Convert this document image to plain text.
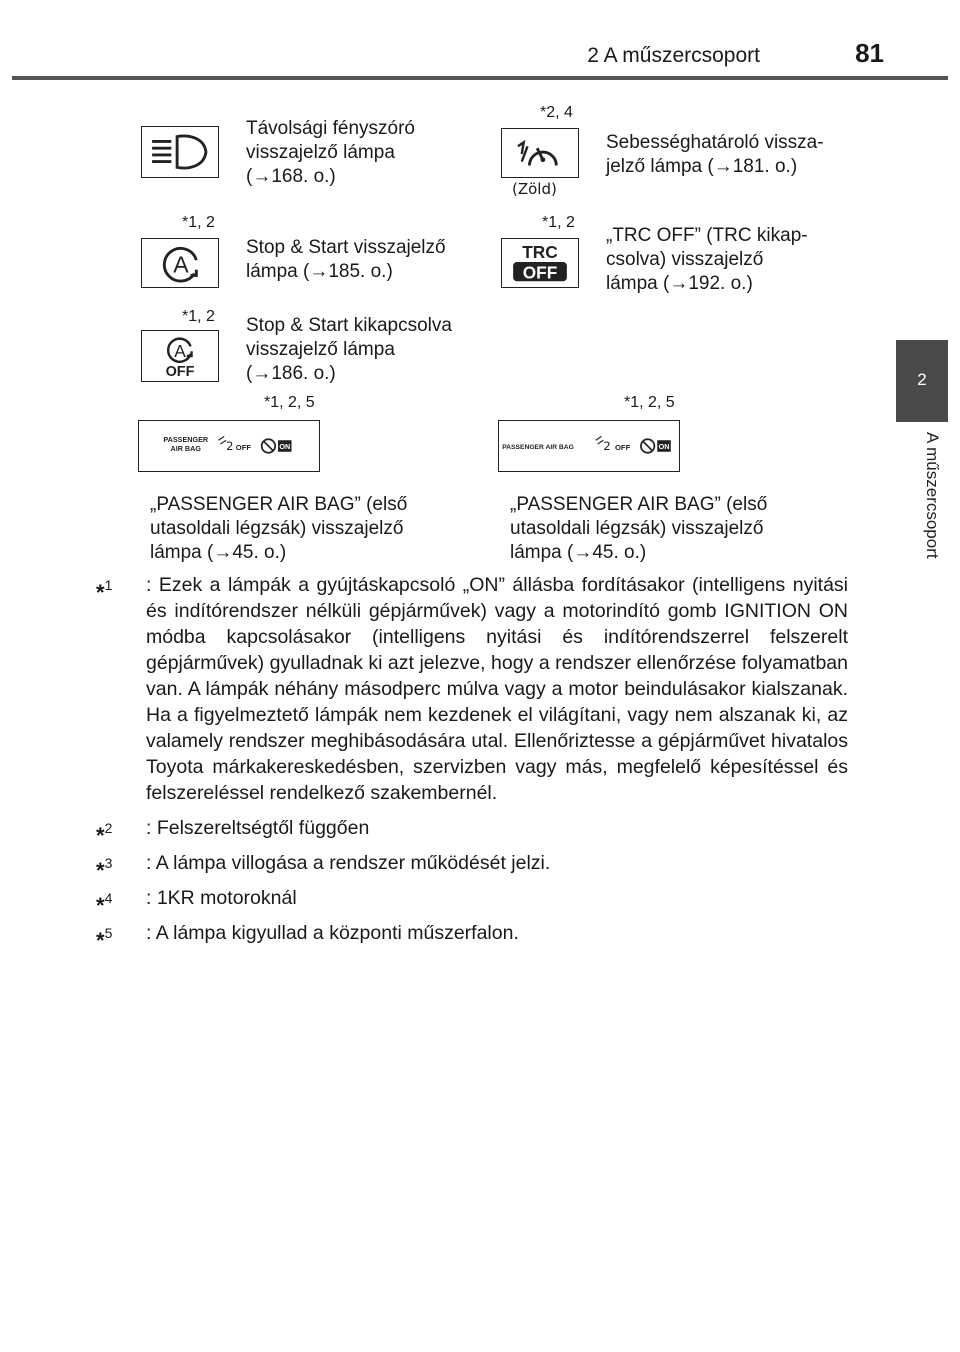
2 A műszercsoport	81
2
A műszercsoport
Távolsági fényszóró
visszajelző lámpa
(→168. o.)
*2, 4
(Zöld)
Sebességhatároló vissza-
jelző lámpa (→181. o.)
*1, 2
A
Stop & Start visszajelző
lámpa (→185. o.)
*1, 2
TRC
OFF
„TRC OFF” (TRC kikap-
csolva) visszajelző
lámpa (→192. o.)
*1, 2
A
OFF
Stop & Start kikapcsolva
visszajelző lámpa
(→186. o.)
*1, 2, 5
PASSENGER
AIR BAG 2 OFF	ON
„PASSENGER AIR BAG” (első
utasoldali légzsák) visszajelző
lámpa (→45. o.)
*1, 2, 5
PASSENGER AIR BAG 2 OFF	ON
„PASSENGER AIR BAG” (első
utasoldali légzsák) visszajelző
lámpa (→45. o.)
*$^1$	: Ezek a lámpák a gyújtáskapcsoló „ON” állásba fordításakor (intelligens nyitási és indítórendszer nélküli gépjárművek) vagy a motorindító gomb IGNITION ON módba kapcsolásakor (intelligens nyitási és indítórendszerrel felszerelt gépjárművek) gyulladnak ki azt jelezve, hogy a rendszer ellenőrzése folyamatban van. A lámpák néhány másodperc múlva vagy a motor beindulásakor kialszanak. Ha a figyelmeztető lámpák nem kezdenek el világítani, vagy nem alszanak ki, az valamely rendszer meghibásodására utal. Ellenőriztesse a gépjárművet hivatalos Toyota márkakereskedésben, szervizben vagy más, megfelelő képesítéssel és felszereléssel rendelkező szakembernél.
*$^2$	: Felszereltségtől függően
*$^3$	: A lámpa villogása a rendszer működését jelzi.
*$^4$	: 1KR motoroknál
*$^5$	: A lámpa kigyullad a központi műszerfalon.
